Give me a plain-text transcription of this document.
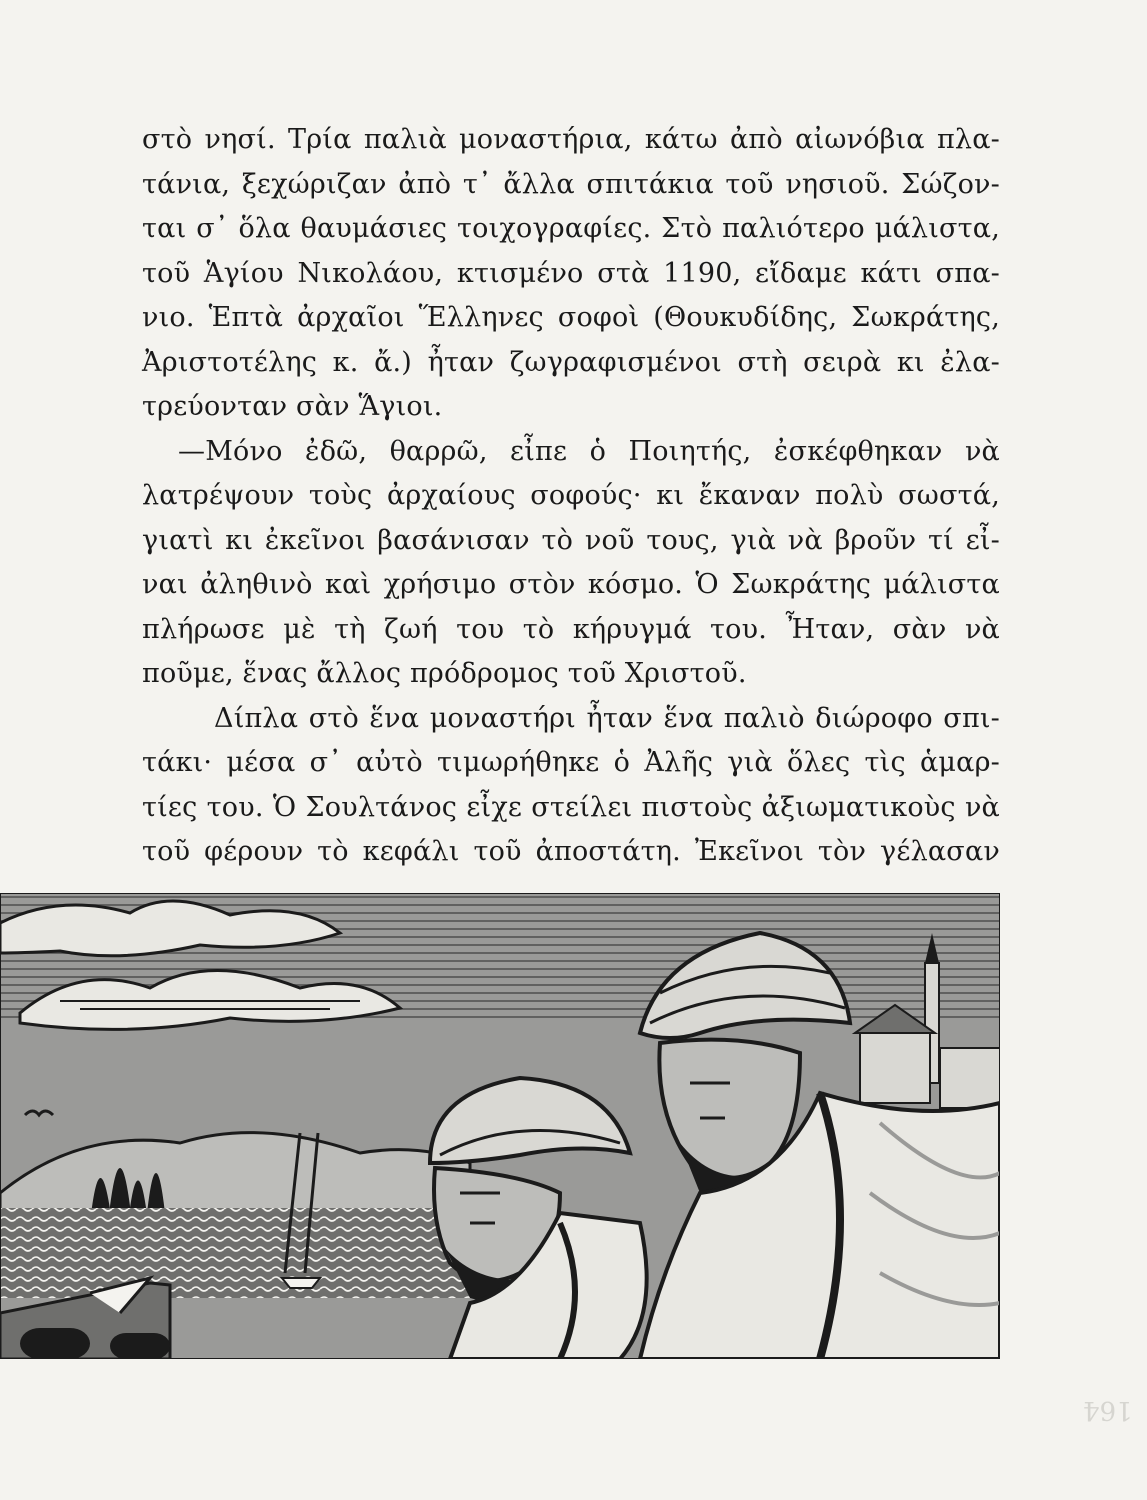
στὸ νησί. Τρία παλιὰ μοναστήρια, κάτω ἀπὸ αἰωνόβια πλα-
τάνια, ξεχώριζαν ἀπὸ τ᾽ ἄλλα σπιτάκια τοῦ νησιοῦ. Σώζον-
ται σ᾽ ὅλα θαυμάσιες τοιχογραφίες. Στὸ παλιότερο μάλιστα,
τοῦ Ἁγίου Νικολάου, κτισμένο στὰ 1190, εἴδαμε κάτι σπα-
νιο. Ἑπτὰ ἀρχαῖοι Ἕλληνες σοφοὶ (Θουκυδίδης, Σωκράτης,
Ἀριστοτέλης κ. ἄ.) ἦταν ζωγραφισμένοι στὴ σειρὰ κι ἐλα-
τρεύονταν σὰν Ἅγιοι.
—Μόνο ἐδῶ, θαρρῶ, εἶπε ὁ Ποιητής, ἐσκέφθηκαν νὰ
λατρέψουν τοὺς ἀρχαίους σοφούς· κι ἔκαναν πολὺ σωστά,
γιατὶ κι ἐκεῖνοι βασάνισαν τὸ νοῦ τους, γιὰ νὰ βροῦν τί εἶ-
ναι ἀληθινὸ καὶ χρήσιμο στὸν κόσμο. Ὁ Σωκράτης μάλιστα
πλήρωσε μὲ τὴ ζωή του τὸ κήρυγμά του. Ἦταν, σὰν νὰ
ποῦμε, ἕνας ἄλλος πρόδρομος τοῦ Χριστοῦ.
Δίπλα στὸ ἕνα μοναστήρι ἦταν ἕνα παλιὸ διώροφο σπι-
τάκι· μέσα σ᾽ αὐτὸ τιμωρήθηκε ὁ Ἀλῆς γιὰ ὅλες τὶς ἁμαρ-
τίες του. Ὁ Σουλτάνος εἶχε στείλει πιστοὺς ἀξιωματικοὺς νὰ
τοῦ φέρουν τὸ κεφάλι τοῦ ἀποστάτη. Ἐκεῖνοι τὸν γέλασαν
164
